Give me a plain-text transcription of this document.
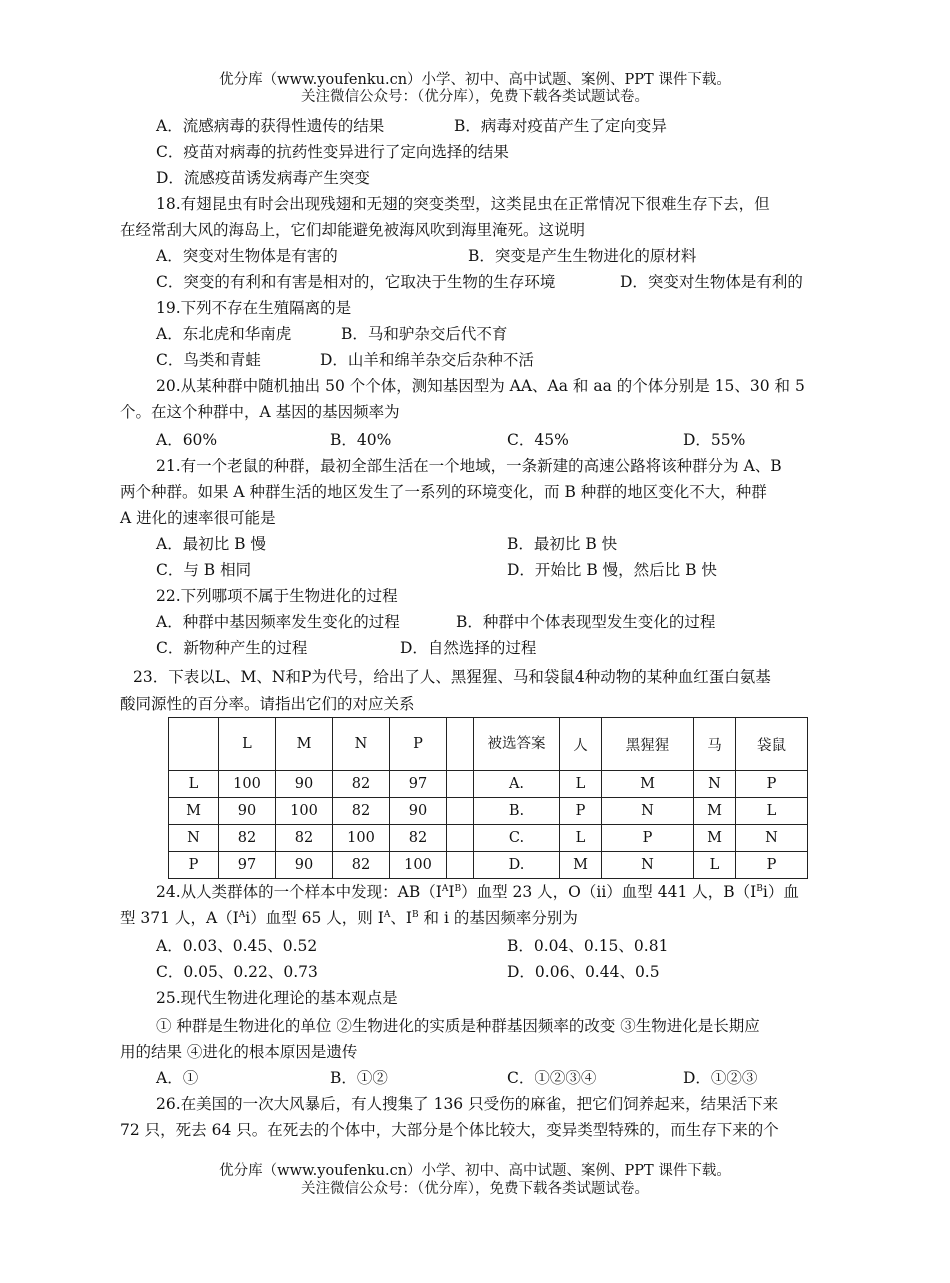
优分库（www.youfenku.cn）小学、初中、高中试题、案例、PPT 课件下载。
关注微信公众号：（优分库），免费下载各类试题试卷。
A．流感病毒的获得性遗传的结果	B．病毒对疫苗产生了定向变异
C．疫苗对病毒的抗药性变异进行了定向选择的结果
D．流感疫苗诱发病毒产生突变
18.有翅昆虫有时会出现残翅和无翅的突变类型，这类昆虫在正常情况下很难生存下去，但
在经常刮大风的海岛上，它们却能避免被海风吹到海里淹死。这说明
A．突变对生物体是有害的	B．突变是产生生物进化的原材料
C．突变的有利和有害是相对的，它取决于生物的生存环境	D．突变对生物体是有利的
19.下列不存在生殖隔离的是
A．东北虎和华南虎	B．马和驴杂交后代不育
C．鸟类和青蛙	D．山羊和绵羊杂交后杂种不活
20.从某种群中随机抽出 50 个个体，测知基因型为 AA、Aa 和 aa 的个体分别是 15、30 和 5
个。在这个种群中，A 基因的基因频率为
A．60%	B．40%	C．45%	D．55%
21.有一个老鼠的种群，最初全部生活在一个地域，一条新建的高速公路将该种群分为 A、B
两个种群。如果 A 种群生活的地区发生了一系列的环境变化，而 B 种群的地区变化不大，种群
A 进化的速率很可能是
A．最初比 B 慢	B．最初比 B 快
C．与 B 相同	D．开始比 B 慢，然后比 B 快
22.下列哪项不属于生物进化的过程
A．种群中基因频率发生变化的过程	B．种群中个体表现型发生变化的过程
C．新物种产生的过程	D．自然选择的过程
23．下表以L、M、N和P为代号，给出了人、黑猩猩、马和袋鼠4种动物的某种血红蛋白氨基
酸同源性的百分率。请指出它们的对应关系
	L	M	N	P		被选答案	人	黑猩猩	马	袋鼠
L	100	90	82	97		A.	L	M	N	P
M	90	100	82	90		B.	P	N	M	L
N	82	82	100	82		C.	L	P	M	N
P	97	90	82	100		D.	M	N	L	P
24.从人类群体的一个样本中发现：$AB(I^AI^B)$血型 23 人，O（ii）血型 441 人，$B(I^Bi)$血
型 371 人，$A(I^Ai)$血型 65 人，则 $I^A$、$I^B$ 和 i 的基因频率分别为
A．0.03、0.45、0.52	B．0.04、0.15、0.81
C．0.05、0.22、0.73	D．0.06、0.44、0.5
25.现代生物进化理论的基本观点是
① 种群是生物进化的单位 ②生物进化的实质是种群基因频率的改变 ③生物进化是长期应
用的结果 ④进化的根本原因是遗传
A．①	B．①②	C．①②③④	D．①②③
26.在美国的一次大风暴后，有人搜集了 136 只受伤的麻雀，把它们饲养起来，结果活下来
72 只，死去 64 只。在死去的个体中，大部分是个体比较大，变异类型特殊的，而生存下来的个
优分库（www.youfenku.cn）小学、初中、高中试题、案例、PPT 课件下载。
关注微信公众号：（优分库），免费下载各类试题试卷。
